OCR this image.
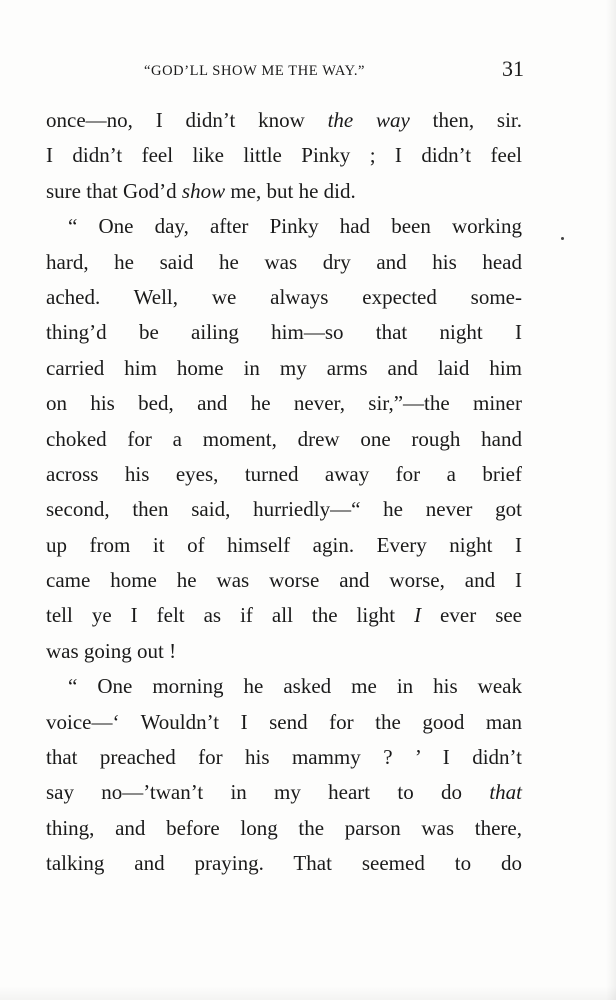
“GOD’LL SHOW ME THE WAY.”	31
once—no, I didn’t know the way then, sir.
I didn’t feel like little Pinky ; I didn’t feel
sure that God’d show me, but he did.
“ One day, after Pinky had been working
hard, he said he was dry and his head
ached. Well, we always expected some-
thing’d be ailing him—so that night I
carried him home in my arms and laid him
on his bed, and he never, sir,”—the miner
choked for a moment, drew one rough hand
across his eyes, turned away for a brief
second, then said, hurriedly—“ he never got
up from it of himself agin. Every night I
came home he was worse and worse, and I
tell ye I felt as if all the light I ever see
was going out !
“ One morning he asked me in his weak
voice—‘ Wouldn’t I send for the good man
that preached for his mammy ? ’ I didn’t
say no—’twan’t in my heart to do that
thing, and before long the parson was there,
talking and praying. That seemed to do
